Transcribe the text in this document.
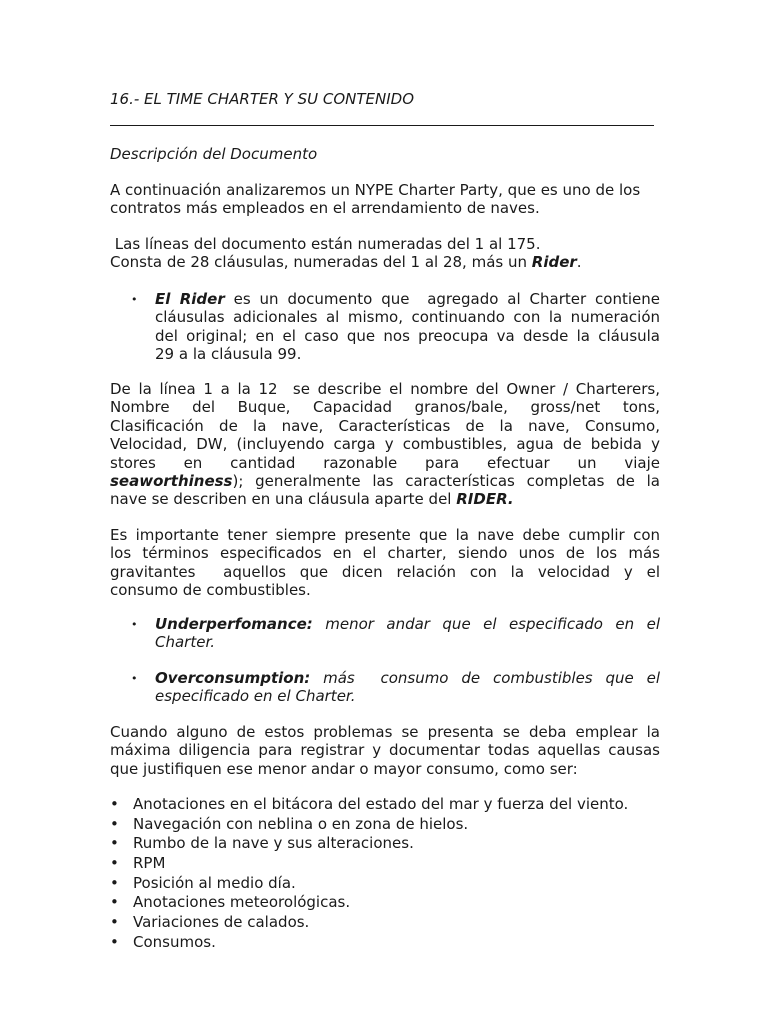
16.- EL TIME CHARTER Y SU CONTENIDO
Descripción del Documento
A continuación analizaremos un NYPE Charter Party, que es uno de los
contratos más empleados en el arrendamiento de naves.
Las líneas del documento están numeradas del 1 al 175.
Consta de 28 cláusulas, numeradas del 1 al 28, más un Rider.
• El Rider es un documento que  agregado al Charter contiene
cláusulas adicionales al mismo, continuando con la numeración
del original; en el caso que nos preocupa va desde la cláusula

29 a la cláusula 99.
De la línea 1 a la 12  se describe el nombre del Owner / Charterers,
Nombre del Buque, Capacidad granos/bale, gross/net tons,
Clasificación de la nave, Características de la nave, Consumo,
Velocidad, DW, (incluyendo carga y combustibles, agua de bebida y
stores en cantidad razonable para efectuar un viaje
seaworthiness); generalmente las características completas de la

nave se describen en una cláusula aparte del RIDER.
Es importante tener siempre presente que la nave debe cumplir con
los términos especificados en el charter, siendo unos de los más
gravitantes  aquellos que dicen relación con la velocidad y el

consumo de combustibles.
• Underperfomance: menor andar que el especificado en el

Charter.
• Overconsumption: más  consumo de combustibles que el

especificado en el Charter.
Cuando alguno de estos problemas se presenta se deba emplear la
máxima diligencia para registrar y documentar todas aquellas causas

que justifiquen ese menor andar o mayor consumo, como ser:
• Anotaciones en el bitácora del estado del mar y fuerza del viento.
• Navegación con neblina o en zona de hielos.
• Rumbo de la nave y sus alteraciones.
• RPM
• Posición al medio día.
• Anotaciones meteorológicas.
• Variaciones de calados.
• Consumos.
